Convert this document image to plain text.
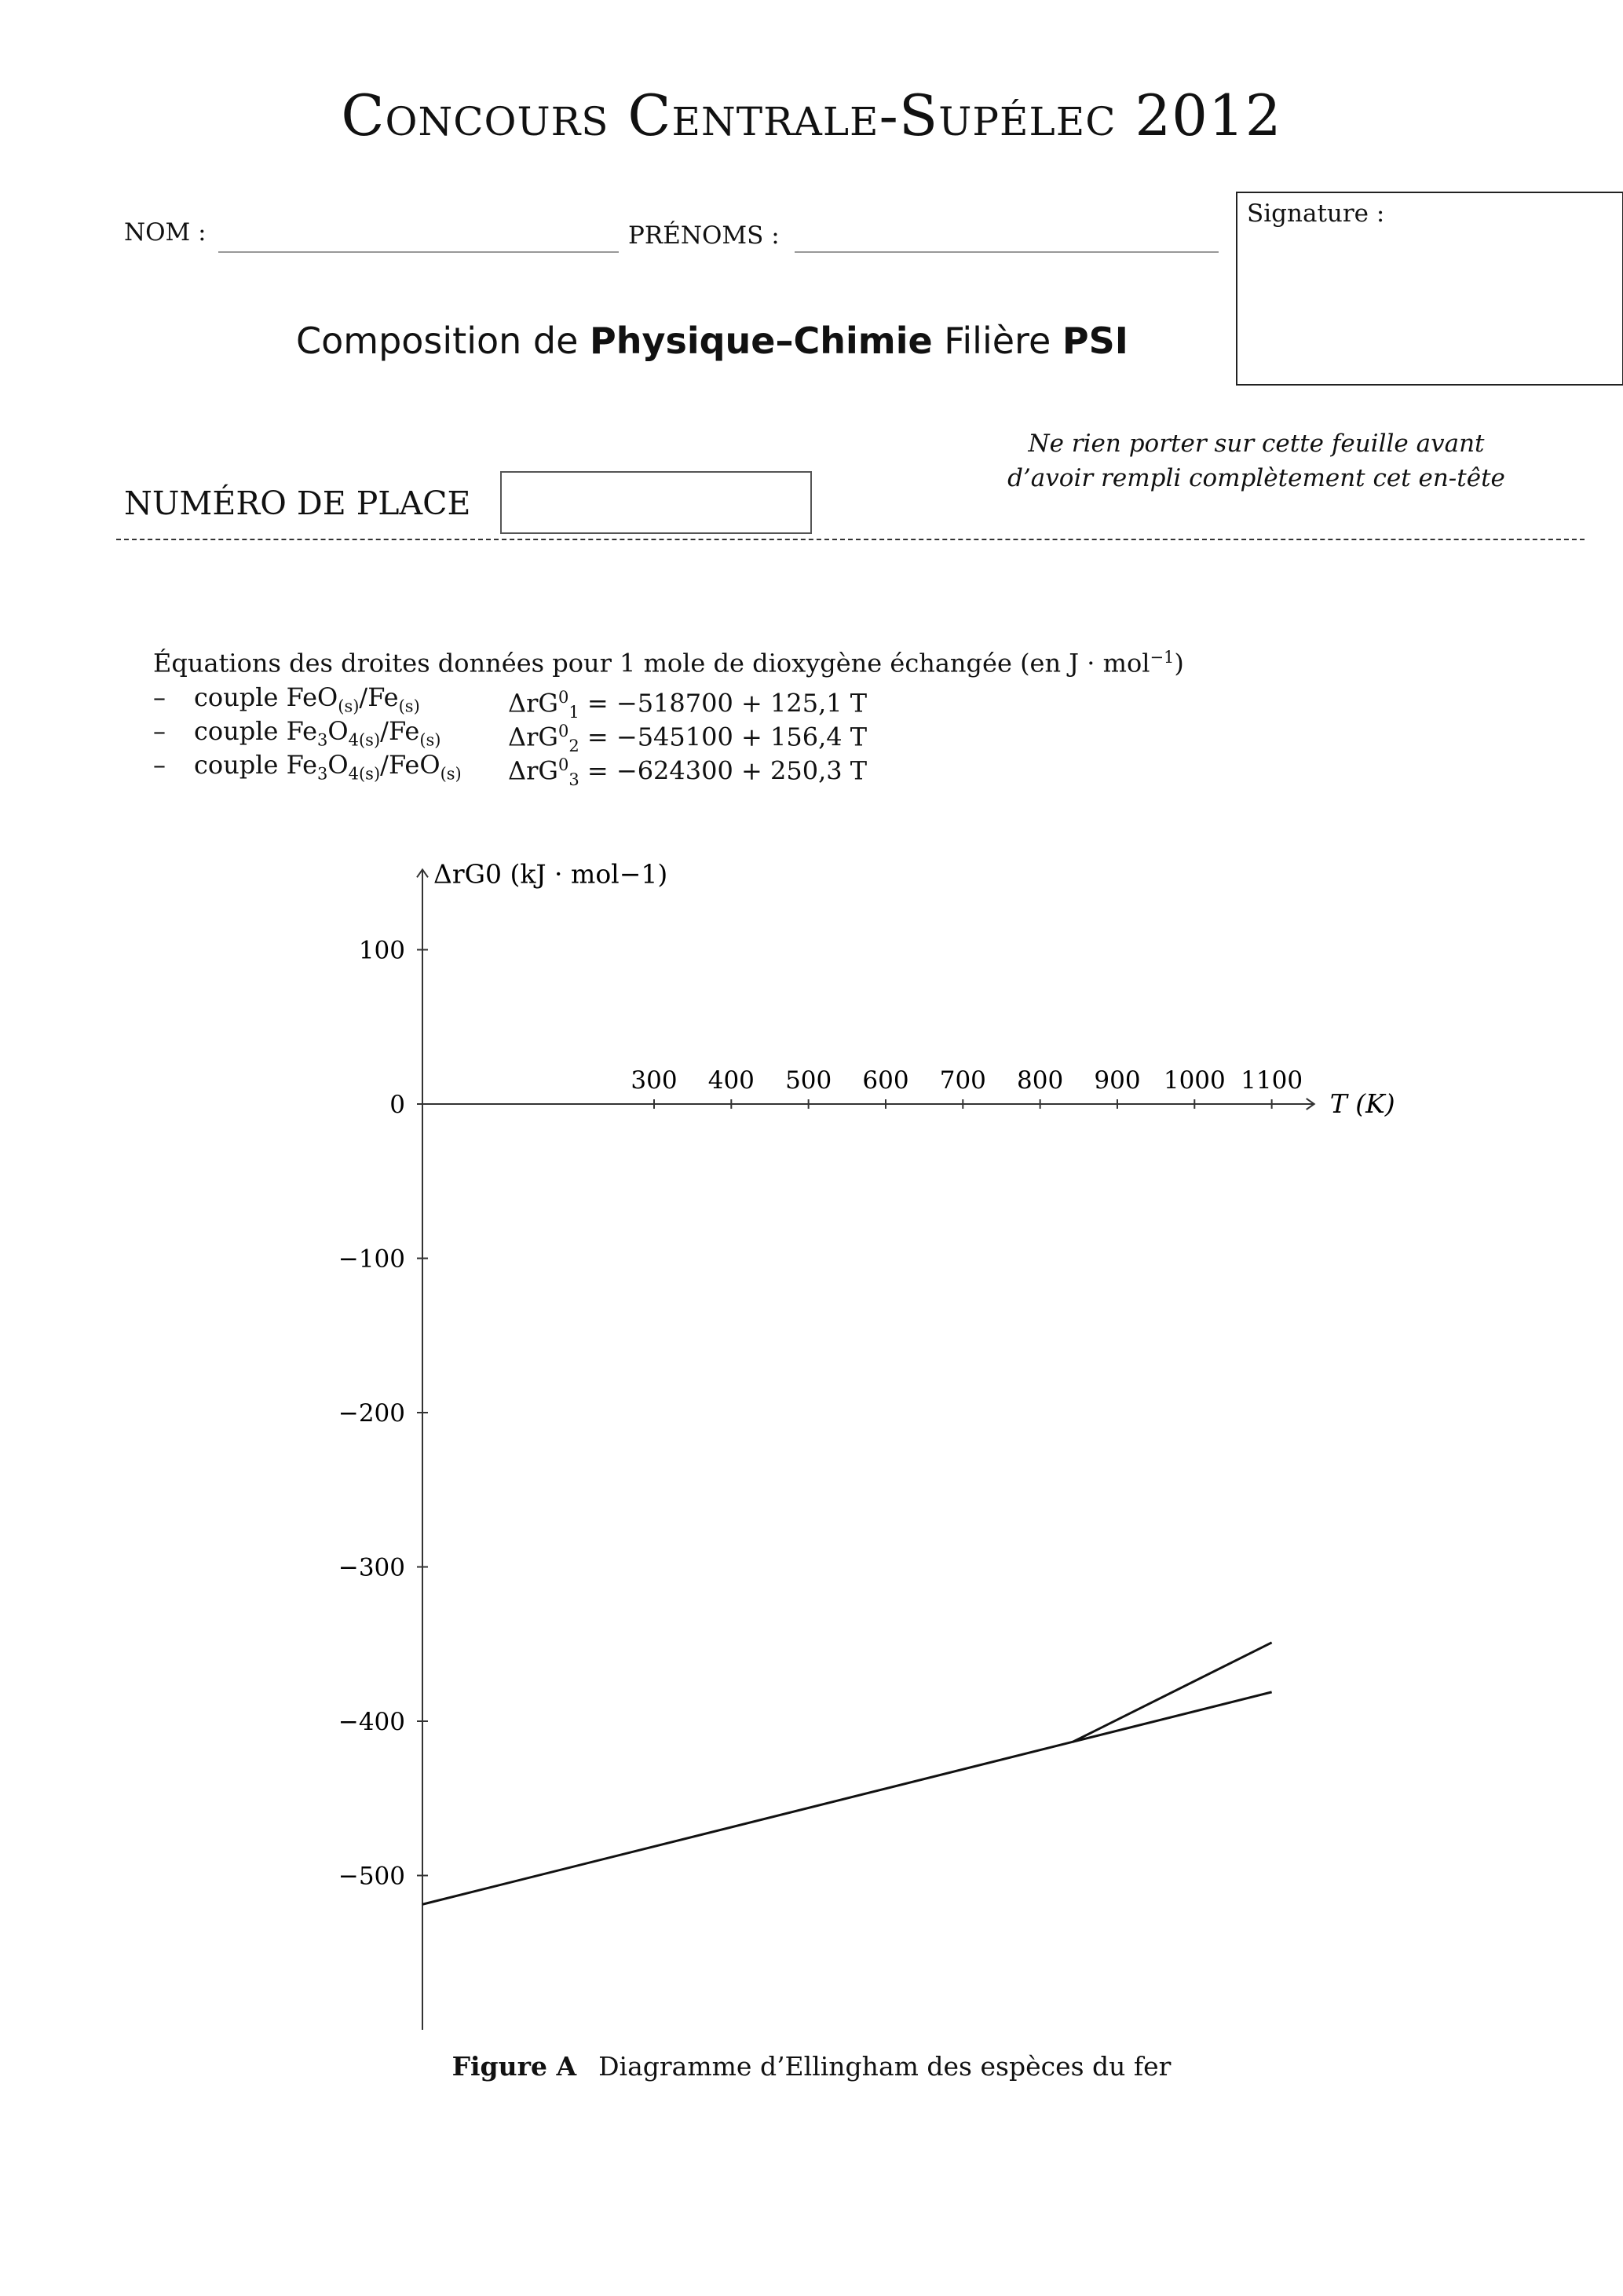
Concours Centrale-Supélec 2012
NOM :	PRÉNOMS :
Signature :
Composition de Physique–Chimie Filière PSI
Ne rien porter sur cette feuille avant
d’avoir rempli complètement cet en-tête
NUMÉRO DE PLACE
Équations des droites données pour 1 mole de dioxygène échangée (en J · mol$^{-1}$)
– couple $FeO_{(s)}/Fe_{(s)}$	ΔrG$^0_1$ = −518700 + 125,1 T
– couple $Fe_3O_{4(s)}/Fe_{(s)}$	ΔrG$^0_2$ = −545100 + 156,4 T
– couple $Fe_3O_{4(s)}/FeO_{(s)}$ ΔrG$^0_3$ = −624300 + 250,3 T
100
0
−100
−200
−300
−400
−500
300 400 500 600 700 800 900 1000 1100
T (K)
ΔrG0 (kJ · mol−1)
Figure A Diagramme d’Ellingham des espèces du fer
